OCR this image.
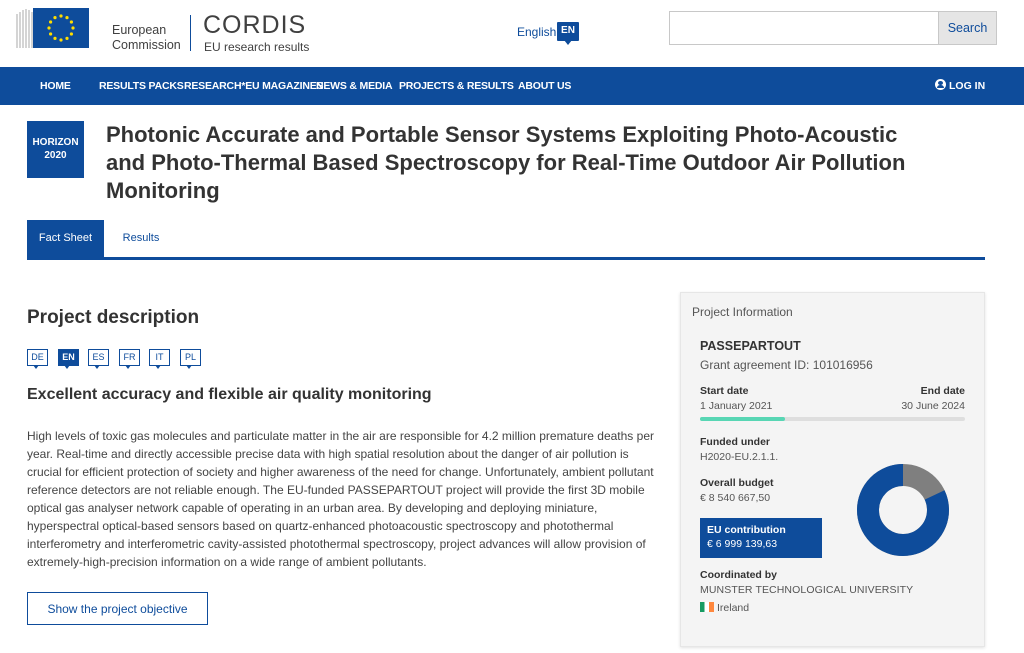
European
Commission
CORDIS
EU research results
English EN	Search
HOME	RESULTS PACKS RESEARCH*EU MAGAZINES
NEWS & MEDIA PROJECTS & RESULTS ABOUT US	LOG IN
HORIZON
2020
Photonic Accurate and Portable Sensor Systems Exploiting Photo-Acoustic and Photo-Thermal Based Spectroscopy for Real-Time Outdoor Air Pollution Monitoring
Fact Sheet	Results
Project description
DE	EN	ES	FR	IT	PL
Excellent accuracy and flexible air quality monitoring

High levels of toxic gas molecules and particulate matter in the air are responsible for 4.2 million premature deaths per year. Real-time and directly accessible precise data with high spatial resolution about the danger of air pollution is crucial for efficient protection of society and higher awareness of the need for change. Unfortunately, ambient pollutant reference detectors are not reliable enough. The EU-funded PASSEPARTOUT project will provide the first 3D mobile optical gas analyser network capable of operating in an urban area. By developing and deploying miniature, hyperspectral optical-based sensors based on quartz-enhanced photoacoustic spectroscopy and photothermal interferometry and interferometric cavity-assisted photothermal spectroscopy, project advances will allow provision of extremely-high-precision information on a wide range of ambient pollutants.

Show the project objective
Project Information
PASSEPARTOUT
Grant agreement ID: 101016956
Start date	End date
1 January 2021	30 June 2024
Funded under
H2020-EU.2.1.1.
Overall budget
€ 8 540 667,50
EU contribution
€ 6 999 139,63
Coordinated by
MUNSTER TECHNOLOGICAL UNIVERSITY
Ireland
